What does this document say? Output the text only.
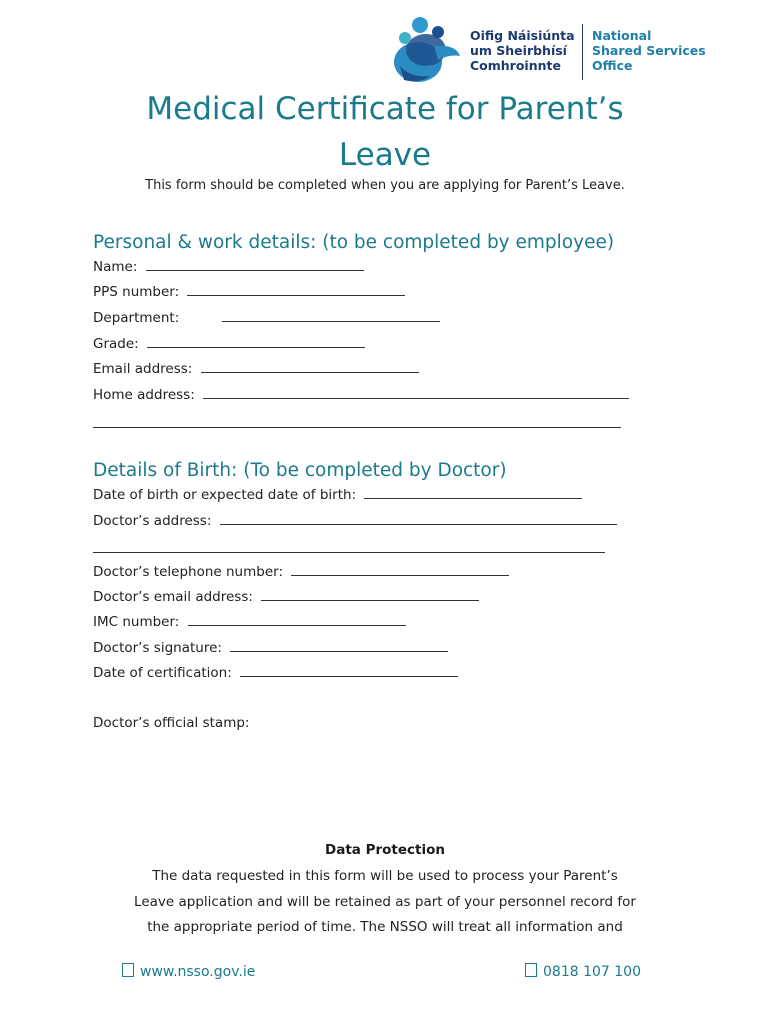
Oifig Náisiúnta
um Sheirbhísí
Comhroinnte
National
Shared Services
Office
Medical Certificate for Parent’s
Leave
This form should be completed when you are applying for Parent’s Leave.
Personal & work details: (to be completed by employee)
Name:
PPS number:
Department:
Grade:
Email address:
Home address:
Details of Birth: (To be completed by Doctor)
Date of birth or expected date of birth:
Doctor’s address:
Doctor’s telephone number:
Doctor’s email address:
IMC number:
Doctor’s signature:
Date of certification:
Doctor’s official stamp:
Data Protection
The data requested in this form will be used to process your Parent’s
Leave application and will be retained as part of your personnel record for
the appropriate period of time. The NSSO will treat all information and
www.nsso.gov.ie	0818 107 100
